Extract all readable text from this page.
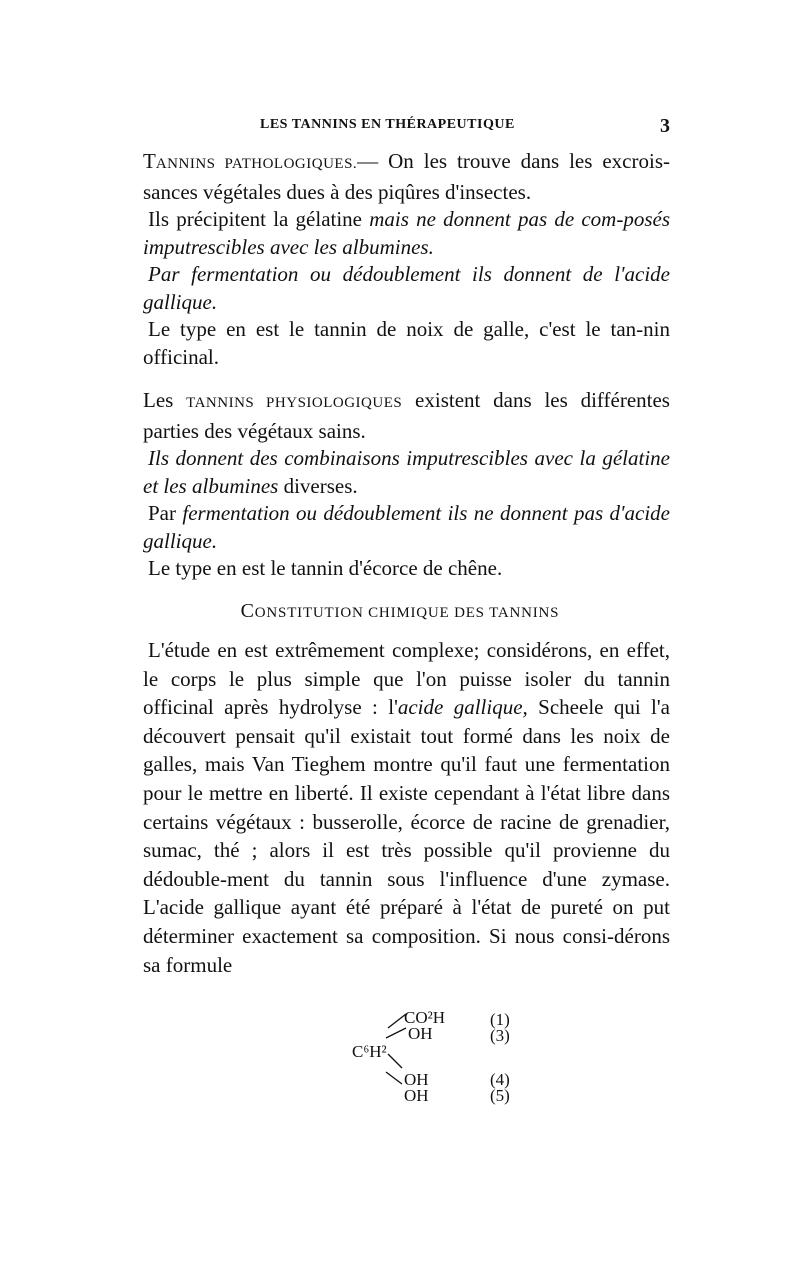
LES TANNINS EN THÉRAPEUTIQUE	3

TANNINS PATHOLOGIQUES.— On les trouve dans les excrois- sances végétales dues à des piqûres d'insectes.

Ils précipitent la gélatine mais ne donnent pas de com-posés imputrescibles avec les albumines.

Par fermentation ou dédoublement ils donnent de l'acide gallique.

Le type en est le tannin de noix de galle, c'est le tan-nin officinal.

Les TANNINS PHYSIOLOGIQUES existent dans les différentes parties des végétaux sains.

Ils donnent des combinaisons imputrescibles avec la gélatine et les albumines diverses.

Par fermentation ou dédoublement ils ne donnent pas d'acide gallique.

Le type en est le tannin d'écorce de chêne.

CONSTITUTION CHIMIQUE DES TANNINS

L'étude en est extrêmement complexe; considérons, en effet, le corps le plus simple que l'on puisse isoler du tannin officinal après hydrolyse : l'acide gallique, Scheele qui l'a découvert pensait qu'il existait tout formé dans les noix de galles, mais Van Tieghem montre qu'il faut une fermentation pour le mettre en liberté. Il existe cependant à l'état libre dans certains végétaux : busserolle, écorce de racine de grenadier, sumac, thé ; alors il est très possible qu'il provienne du dédouble-ment du tannin sous l'influence d'une zymase. L'acide gallique ayant été préparé à l'état de pureté on put déterminer exactement sa composition. Si nous consi-dérons sa formule

C⁶H²
CO²H
OH
OH
OH
(1)
(3)
(4)
(5)
